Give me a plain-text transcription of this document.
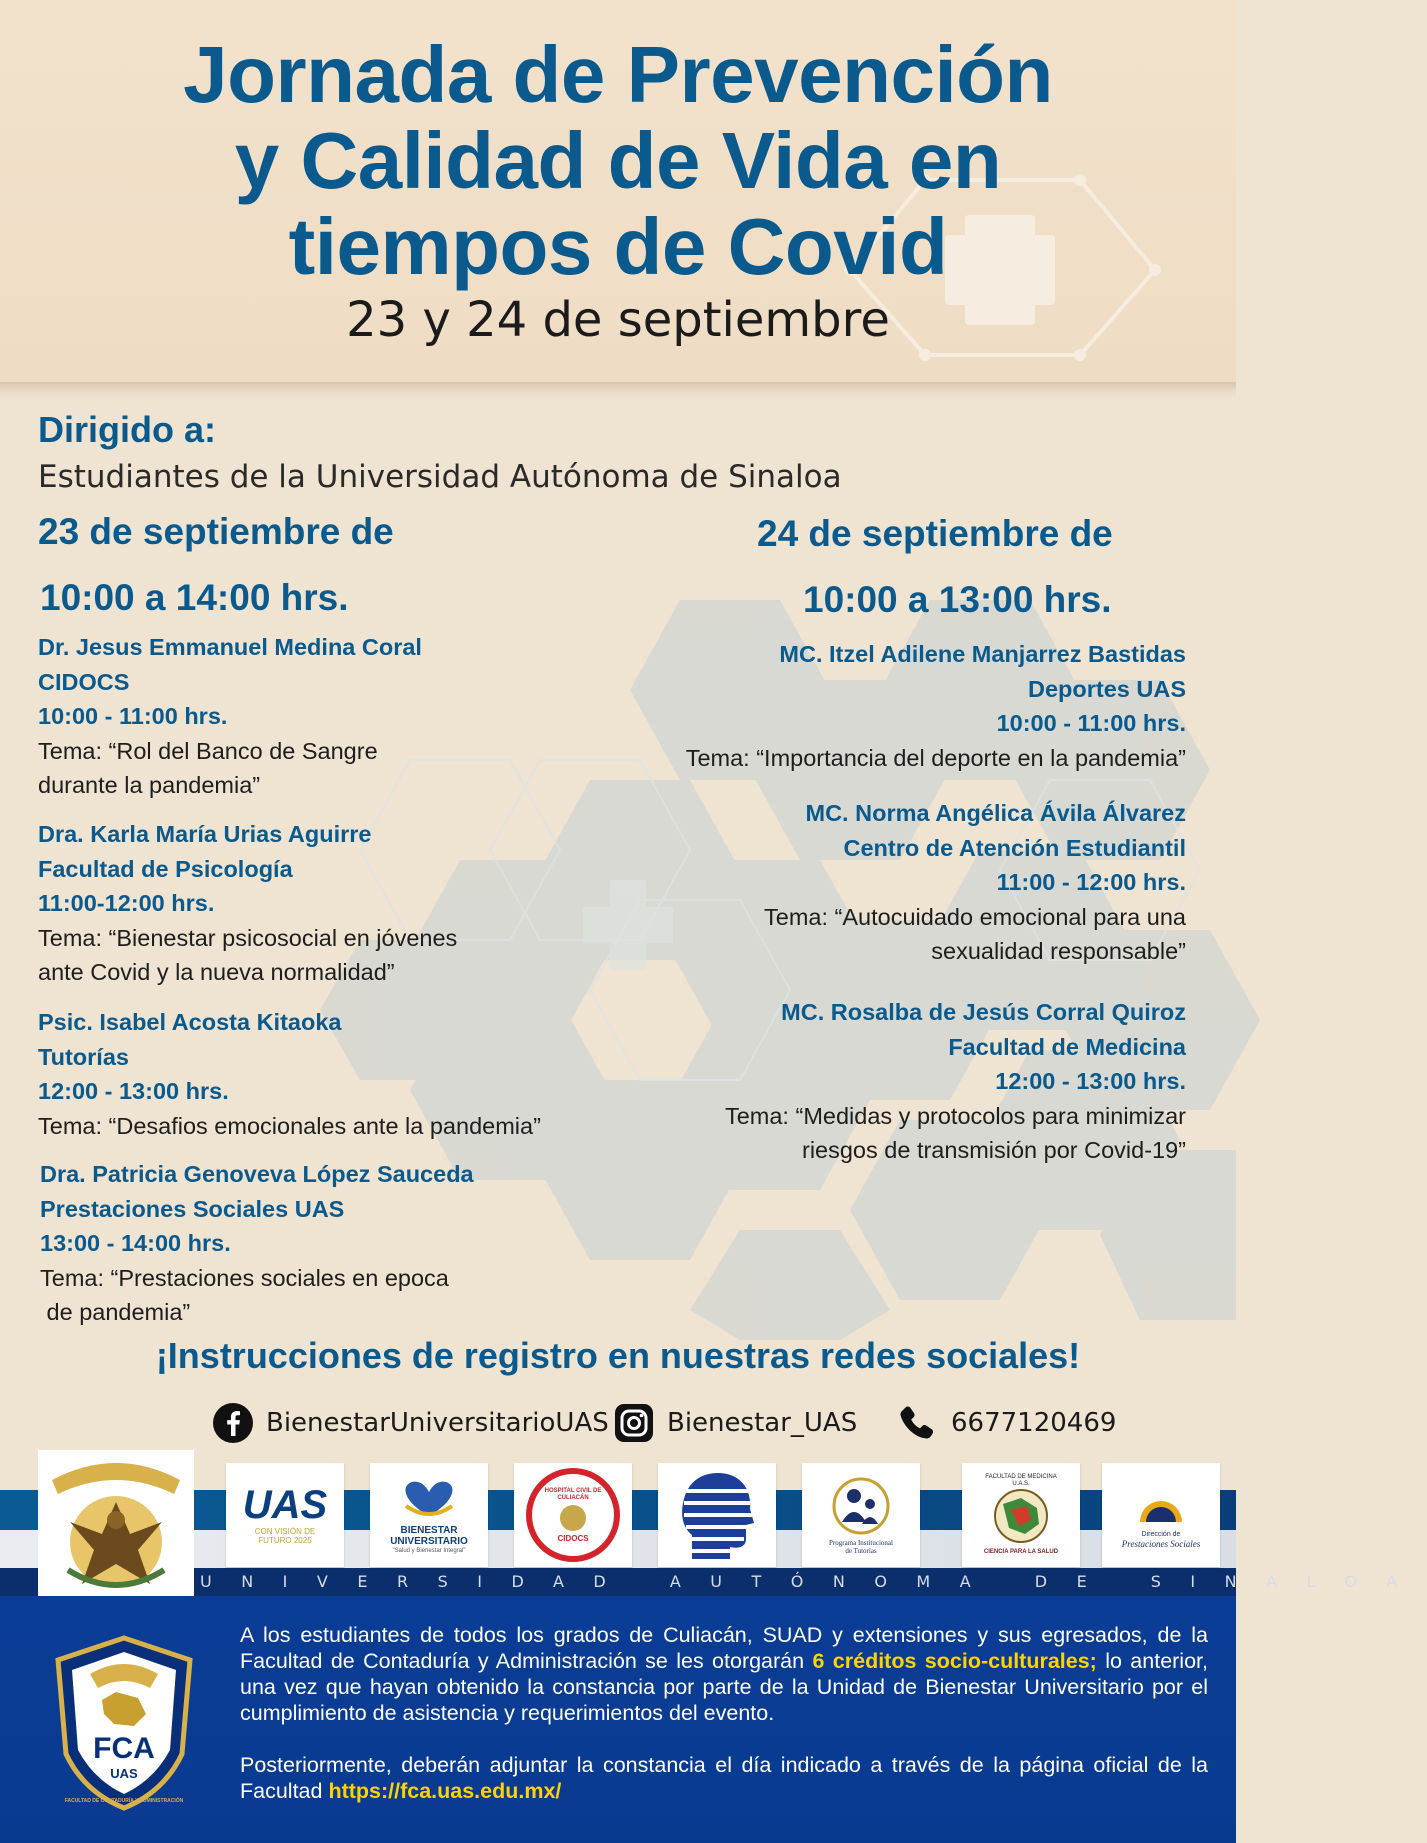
Jornada de Prevención
y Calidad de Vida en
tiempos de Covid
23 y 24 de septiembre
Dirigido a:
Estudiantes de la Universidad Autónoma de Sinaloa
23 de septiembre de
10:00 a 14:00 hrs.
Dr. Jesus Emmanuel Medina Coral
CIDOCS
10:00 - 11:00 hrs.
Tema: “Rol del Banco de Sangre
durante la pandemia”
Dra. Karla María Urias Aguirre
Facultad de Psicología
11:00-12:00 hrs.
Tema: “Bienestar psicosocial en jóvenes
ante Covid y la nueva normalidad”
Psic. Isabel Acosta Kitaoka
Tutorías
12:00 - 13:00 hrs.
Tema: “Desafios emocionales ante la pandemia”
Dra. Patricia Genoveva López Sauceda
Prestaciones Sociales UAS
13:00 - 14:00 hrs.
Tema: “Prestaciones sociales en epoca
de pandemia”
24 de septiembre de
10:00 a 13:00 hrs.
MC. Itzel Adilene Manjarrez Bastidas
Deportes UAS
10:00 - 11:00 hrs.
Tema: “Importancia del deporte en la pandemia”
MC. Norma Angélica Ávila Álvarez
Centro de Atención Estudiantil
11:00 - 12:00 hrs.
Tema: “Autocuidado emocional para una
sexualidad responsable”
MC. Rosalba de Jesús Corral Quiroz
Facultad de Medicina
12:00 - 13:00 hrs.
Tema: “Medidas y protocolos para minimizar
riesgos de transmisión por Covid-19”
¡Instrucciones de registro en nuestras redes sociales!
BienestarUniversitarioUAS Bienestar_UAS	6677120469
UNIVERSIDAD AUTÓNOMA DE SINALOA
UAS
CON VISIÓN DE FUTURO 2025
BIENESTAR UNIVERSITARIO
"Salud y Bienestar Integral"
HOSPITAL CIVIL DE CULIACÁN
CIDOCS	Programa Institucional de Tutorías
FACULTAD DE MEDICINA U.A.S.
CIENCIA PARA LA SALUD
Dirección de
Prestaciones Sociales
FCA
UAS
FACULTAD DE CONTADURÍA Y ADMINISTRACIÓN

A los estudiantes de todos los grados de Culiacán, SUAD y extensiones y sus egresados, de la Facultad de Contaduría y Administración se les otorgarán 6 créditos socio-culturales; lo anterior, una vez que hayan obtenido la constancia por parte de la Unidad de Bienestar Universitario por el cumplimiento de asistencia y requerimientos del evento.

Posteriormente, deberán adjuntar la constancia el día indicado a través de la página oficial de la Facultad https://fca.uas.edu.mx/
